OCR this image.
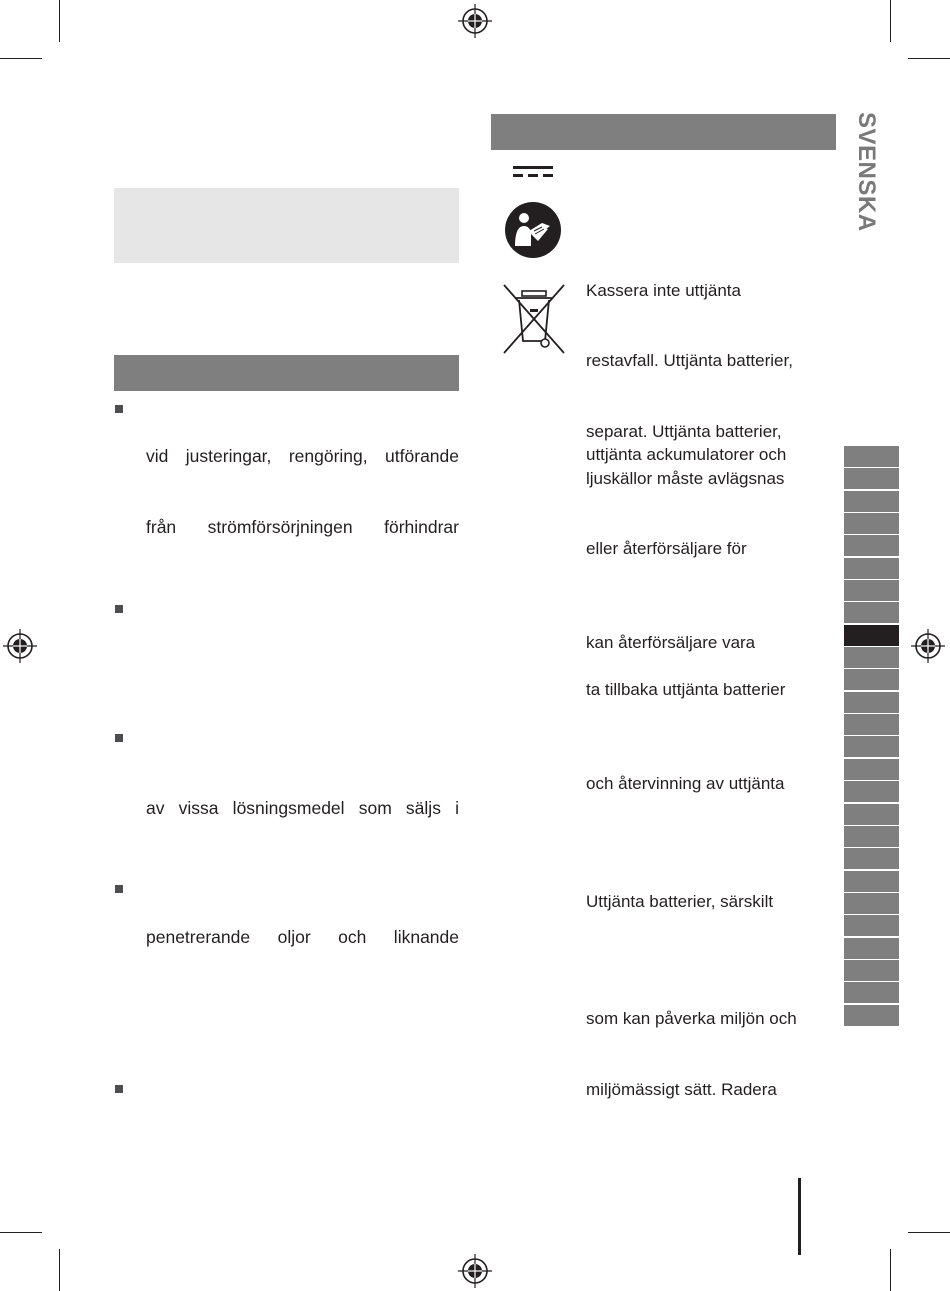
vid justeringar, rengöring, utförande
från strömförsörjningen förhindrar
av vissa lösningsmedel som säljs i
penetrerande oljor och liknande
Kassera inte uttjänta
restavfall. Uttjänta batterier,
separat. Uttjänta batterier,
uttjänta ackumulatorer och
ljuskällor måste avlägsnas
eller återförsäljare för
kan återförsäljare vara
ta tillbaka uttjänta batterier
och återvinning av uttjänta
Uttjänta batterier, särskilt
som kan påverka miljön och
miljömässigt sätt. Radera
SVENSKA
